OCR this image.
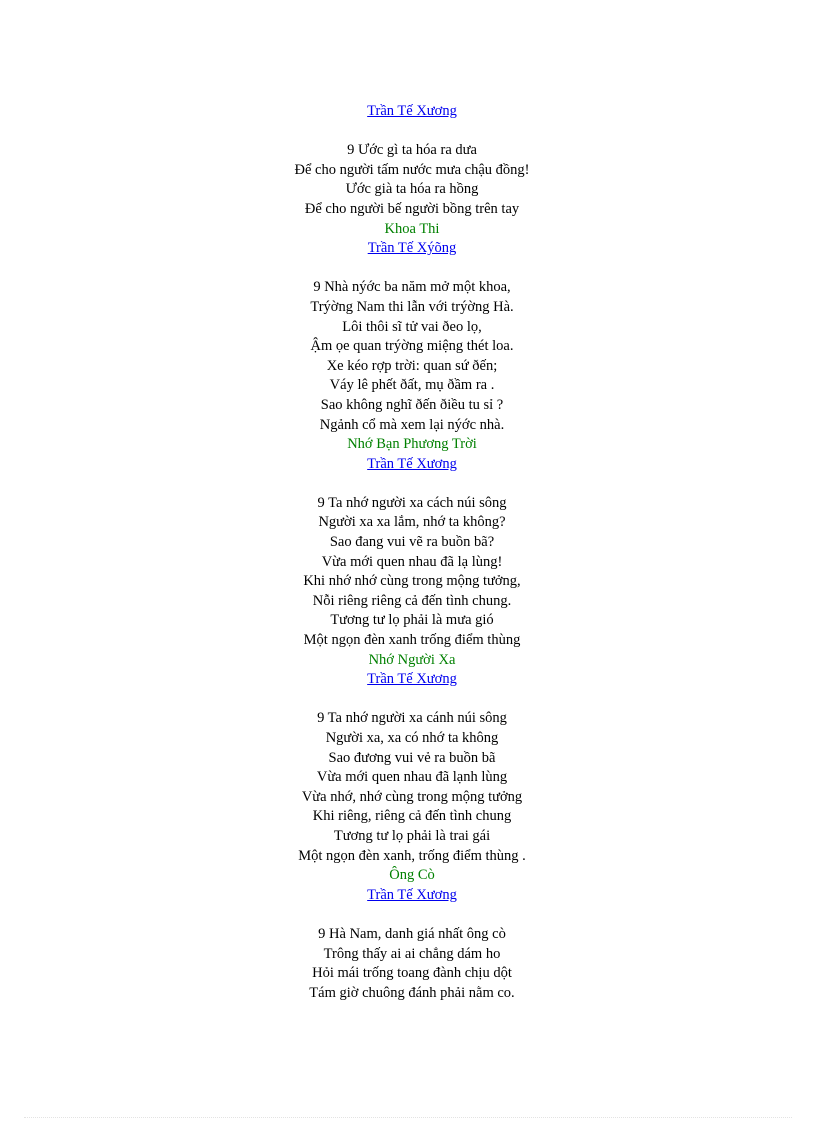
Trần Tế Xương
9 Ước gì ta hóa ra dưa
Để cho người tấm nước mưa chậu đồng!
Ước già ta hóa ra hồng
Để cho người bế người bồng trên tay
Khoa Thi
Trần Tế Xýõng
9 Nhà nýớc ba năm mở một khoa,
Trýờng Nam thi lẫn với trýờng Hà.
Lôi thôi sĩ tử vai ðeo lọ,
Ậm ọe quan trýờng miệng thét loa.
Xe kéo rợp trời: quan sứ ðến;
Váy lê phết ðất, mụ ðầm ra .
Sao không nghĩ ðến ðiều tu sỉ ?
Ngảnh cổ mà xem lại nýớc nhà.
Nhớ Bạn Phương Trời
Trần Tế Xương
9 Ta nhớ người xa cách núi sông
Người xa xa lắm, nhớ ta không?
Sao đang vui vẽ ra buồn bã?
Vừa mới quen nhau đã lạ lùng!
Khi nhớ nhớ cùng trong mộng tưởng,
Nỗi riêng riêng cả đến tình chung.
Tương tư lọ phải là mưa gió
Một ngọn đèn xanh trống điểm thùng
Nhớ Người Xa
Trần Tế Xương
9 Ta nhớ người xa cánh núi sông
Người xa, xa có nhớ ta không
Sao đương vui vẻ ra buồn bã
Vừa mới quen nhau đã lạnh lùng
Vừa nhớ, nhớ cùng trong mộng tưởng
Khi riêng, riêng cả đến tình chung
Tương tư lọ phải là trai gái
Một ngọn đèn xanh, trống điểm thùng .
Ông Cò
Trần Tế Xương
9 Hà Nam, danh giá nhất ông cò
Trông thấy ai ai chẳng dám ho
Hỏi mái trống toang đành chịu dột
Tám giờ chuông đánh phải nằm co.
